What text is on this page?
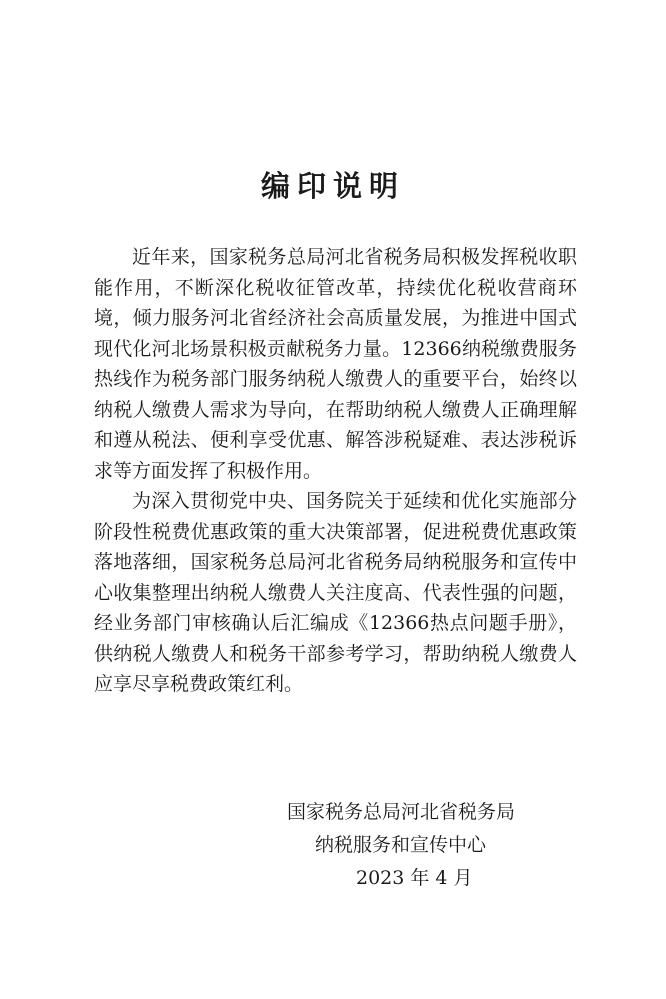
编印说明

近年来，国家税务总局河北省税务局积极发挥税收职能作用，不断深化税收征管改革，持续优化税收营商环境，倾力服务河北省经济社会高质量发展，为推进中国式现代化河北场景积极贡献税务力量。12366纳税缴费服务热线作为税务部门服务纳税人缴费人的重要平台，始终以纳税人缴费人需求为导向，在帮助纳税人缴费人正确理解和遵从税法、便利享受优惠、解答涉税疑难、表达涉税诉求等方面发挥了积极作用。

为深入贯彻党中央、国务院关于延续和优化实施部分阶段性税费优惠政策的重大决策部署，促进税费优惠政策落地落细，国家税务总局河北省税务局纳税服务和宣传中心收集整理出纳税人缴费人关注度高、代表性强的问题，经业务部门审核确认后汇编成《12366热点问题手册》，供纳税人缴费人和税务干部参考学习，帮助纳税人缴费人应享尽享税费政策红利。

国家税务总局河北省税务局
纳税服务和宣传中心
2023 年 4 月
